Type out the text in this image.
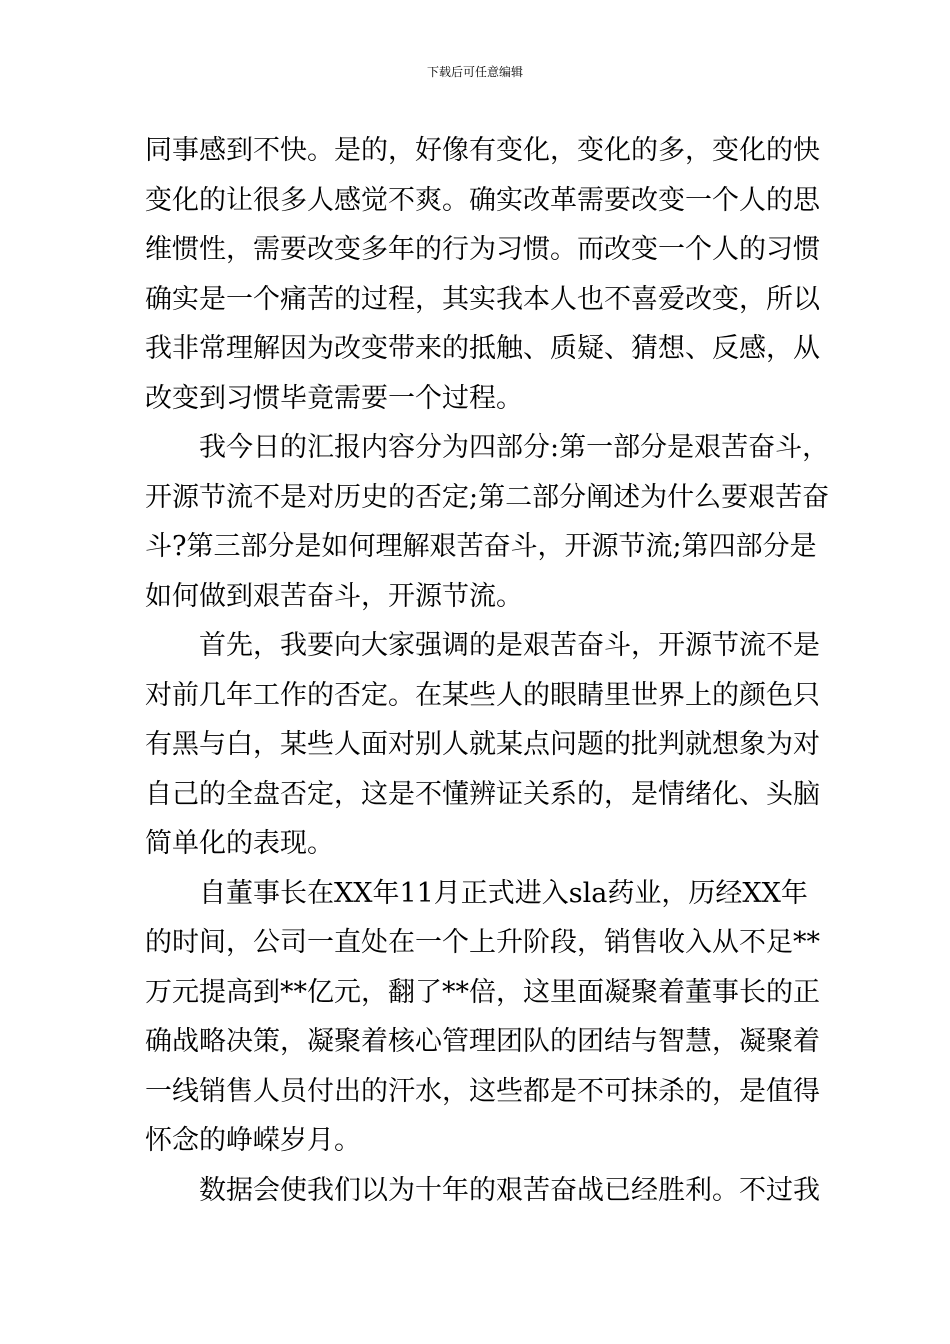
下载后可任意编辑
同事感到不快。是的，好像有变化，变化的多，变化的快
变化的让很多人感觉不爽。确实改革需要改变一个人的思
维惯性，需要改变多年的行为习惯。而改变一个人的习惯
确实是一个痛苦的过程，其实我本人也不喜爱改变，所以
我非常理解因为改变带来的抵触、质疑、猜想、反感，从
改变到习惯毕竟需要一个过程。
我今日的汇报内容分为四部分:第一部分是艰苦奋斗，
开源节流不是对历史的否定;第二部分阐述为什么要艰苦奋
斗?第三部分是如何理解艰苦奋斗，开源节流;第四部分是
如何做到艰苦奋斗，开源节流。
首先，我要向大家强调的是艰苦奋斗，开源节流不是
对前几年工作的否定。在某些人的眼睛里世界上的颜色只
有黑与白，某些人面对别人就某点问题的批判就想象为对
自己的全盘否定，这是不懂辨证关系的，是情绪化、头脑
简单化的表现。
自董事长在XX年11月正式进入sla药业，历经XX年
的时间，公司一直处在一个上升阶段，销售收入从不足**
万元提高到**亿元，翻了**倍，这里面凝聚着董事长的正
确战略决策，凝聚着核心管理团队的团结与智慧，凝聚着
一线销售人员付出的汗水，这些都是不可抹杀的，是值得
怀念的峥嵘岁月。
数据会使我们以为十年的艰苦奋战已经胜利。不过我
